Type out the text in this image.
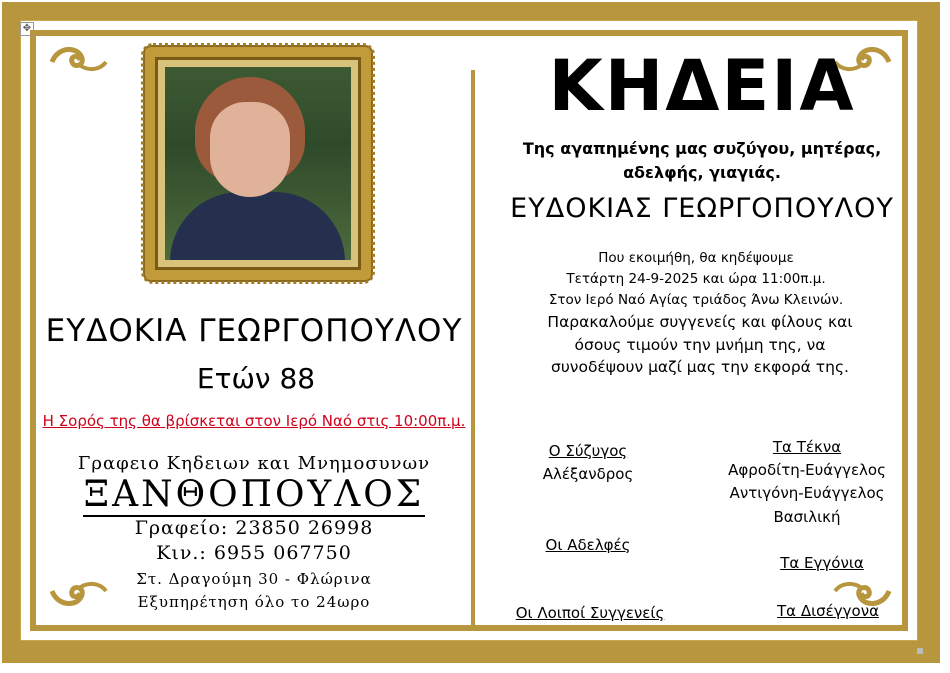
✥
ΕΥΔΟΚΙΑ ΓΕΩΡΓΟΠΟΥΛΟΥ
Ετών 88
Η Σορός της θα βρίσκεται στον Ιερό Ναό στις 10:00π.μ.
Γραφειο Κηδειων και Μνημοσυνων
ΞΑΝΘΟΠΟΥΛΟΣ
Γραφείο: 23850 26998
Κιν.: 6955 067750
Στ. Δραγούμη 30 - Φλώρινα
Εξυπηρέτηση όλο το 24ωρο
ΚΗΔΕΙΑ
Της αγαπημένης μας συζύγου, μητέρας,
αδελφής, γιαγιάς.
ΕΥΔΟΚΙΑΣ ΓΕΩΡΓΟΠΟΥΛΟΥ
Που εκοιμήθη, θα κηδέψουμε
Τετάρτη 24-9-2025 και ώρα 11:00π.μ.
Στον Ιερό Ναό Αγίας τριάδος Άνω Κλεινών.
Παρακαλούμε συγγενείς και φίλους και
όσους τιμούν την μνήμη της, να
συνοδέψουν μαζί μας την εκφορά της.
Ο Σύζυγος
Αλέξανδρος
Τα Τέκνα
Αφροδίτη-Ευάγγελος
Αντιγόνη-Ευάγγελος
Βασιλική
Οι Αδελφές
Τα Εγγόνια
Οι Λοιποί Συγγενείς	Τα Δισέγγονα
